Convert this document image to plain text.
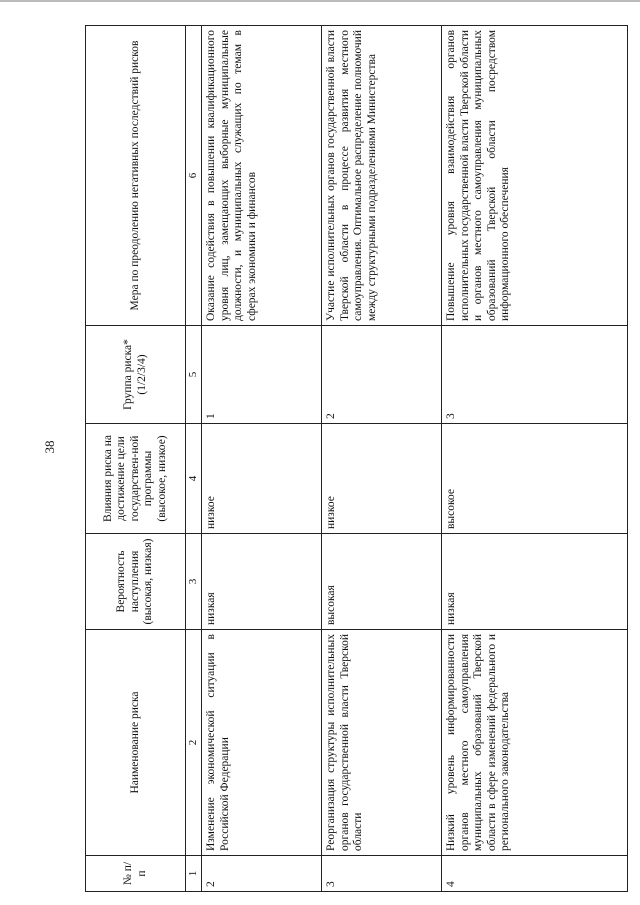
38
№ п/п	Наименование риска	Вероятность наступления (высокая, низкая)	Влияния риска на достижение цели государствен-ной программы (высокое, низкое)	Группа риска* (1/2/3/4)	Мера по преодолению негативных последствий рисков
1	2	3	4	5	6
2	Изменение экономической ситуации в Российской Федерации	низкая	низкое	1	Оказание содействия в повышении квалификационного уровня лиц, замещающих выборные муниципальные должности, и муниципальных служащих по темам в сферах экономики и финансов
3	Реорганизация структуры исполнительных органов государственной власти Тверской области	высокая	низкое	2	Участие исполнительных органов государственной власти Тверской области в процессе развития местного самоуправления. Оптимальное распределение полномочий между структурными подразделениями Министерства
4	Низкий уровень информированности органов местного самоуправления муниципальных образований Тверской области в сфере изменений федерального и регионального законодательства	низкая	высокое	3	Повышение уровня взаимодействия органов исполнительных государственной власти Тверской области и органов местного самоуправления муниципальных образований Тверской области посредством информационного обеспечения
